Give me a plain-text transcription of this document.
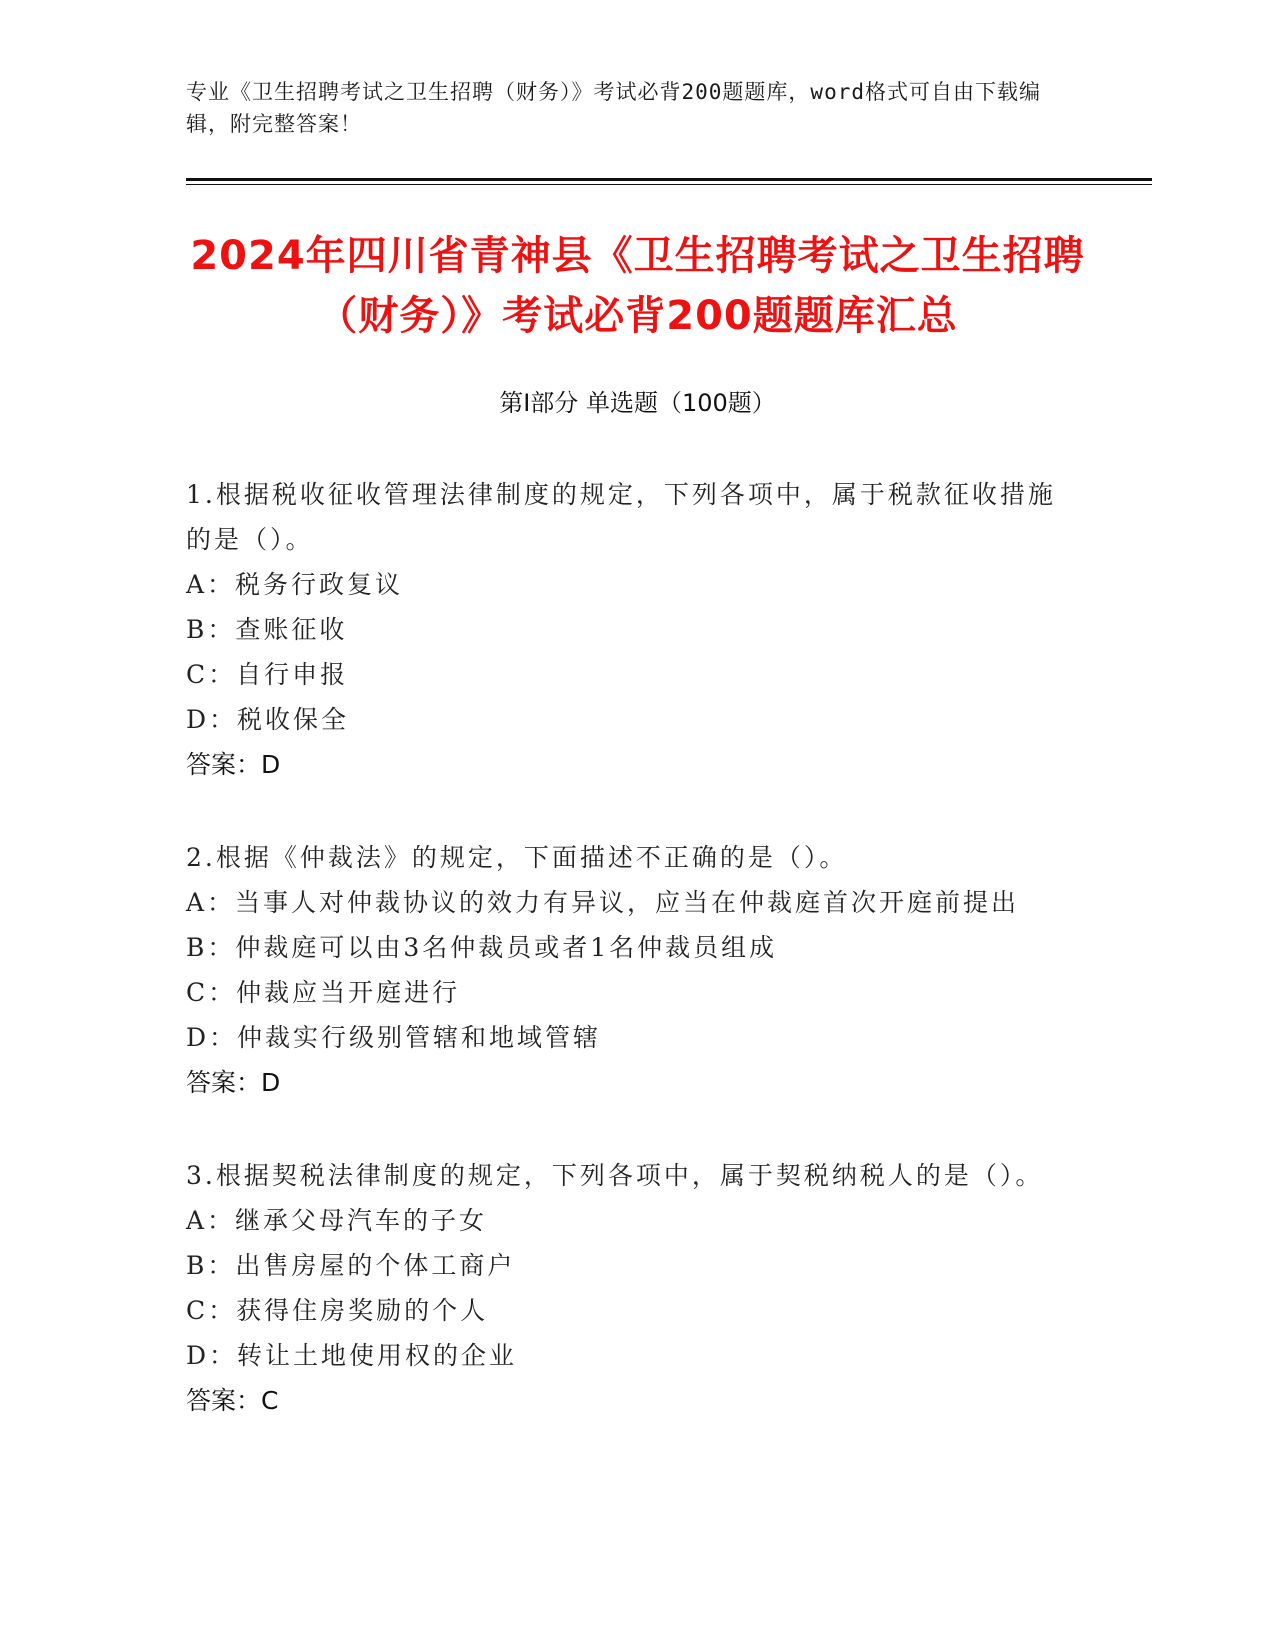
专业《卫生招聘考试之卫生招聘（财务）》考试必背200题题库，word格式可自由下载编辑，附完整答案！
2024年四川省青神县《卫生招聘考试之卫生招聘（财务）》考试必背200题题库汇总
第Ⅰ部分 单选题（100题）
1.根据税收征收管理法律制度的规定，下列各项中，属于税款征收措施的是（）。
A：税务行政复议
B：查账征收
C：自行申报
D：税收保全
答案：D
2.根据《仲裁法》的规定，下面描述不正确的是（）。
A：当事人对仲裁协议的效力有异议，应当在仲裁庭首次开庭前提出
B：仲裁庭可以由3名仲裁员或者1名仲裁员组成
C：仲裁应当开庭进行
D：仲裁实行级别管辖和地域管辖
答案：D
3.根据契税法律制度的规定，下列各项中，属于契税纳税人的是（）。
A：继承父母汽车的子女
B：出售房屋的个体工商户
C：获得住房奖励的个人
D：转让土地使用权的企业
答案：C
